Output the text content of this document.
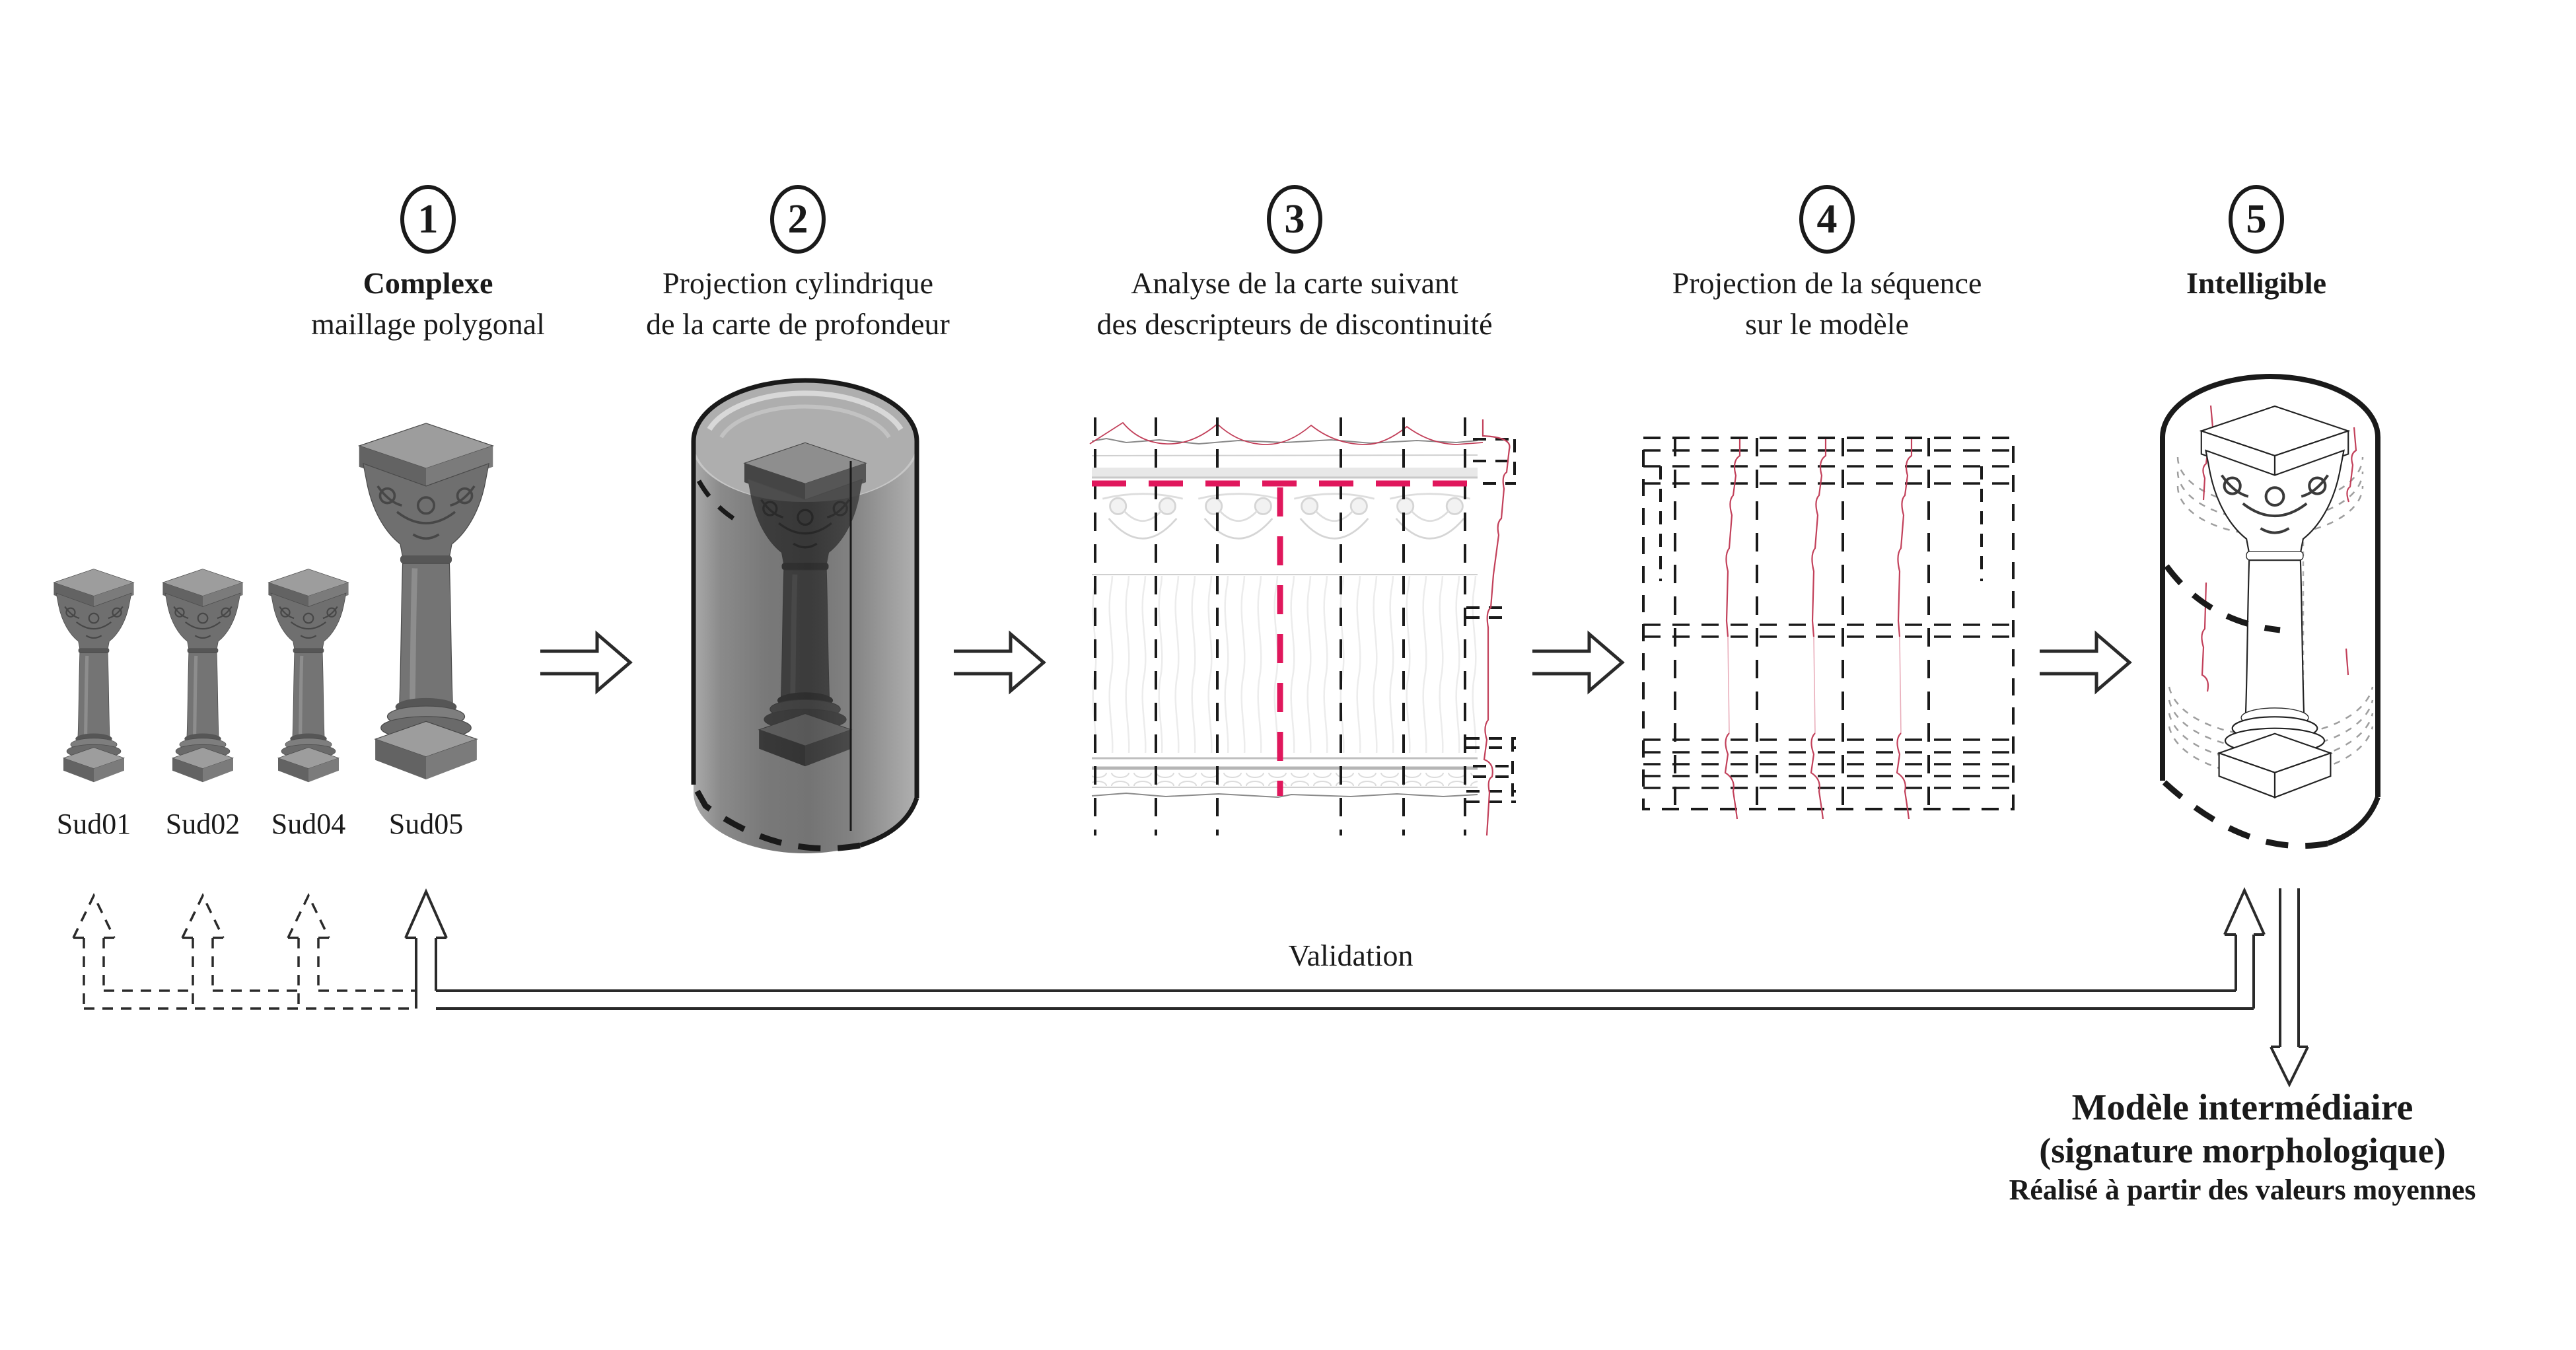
1
Complexe
maillage polygonal
2
Projection cylindrique
de la carte de profondeur
3
Analyse de la carte suivant
des descripteurs de discontinuité
4
Projection de la séquence
sur le modèle
5
Intelligible
Sud01 Sud02 Sud04 Sud05
Validation
Modèle intermédiaire
(signature morphologique)
Réalisé à partir des valeurs moyennes
